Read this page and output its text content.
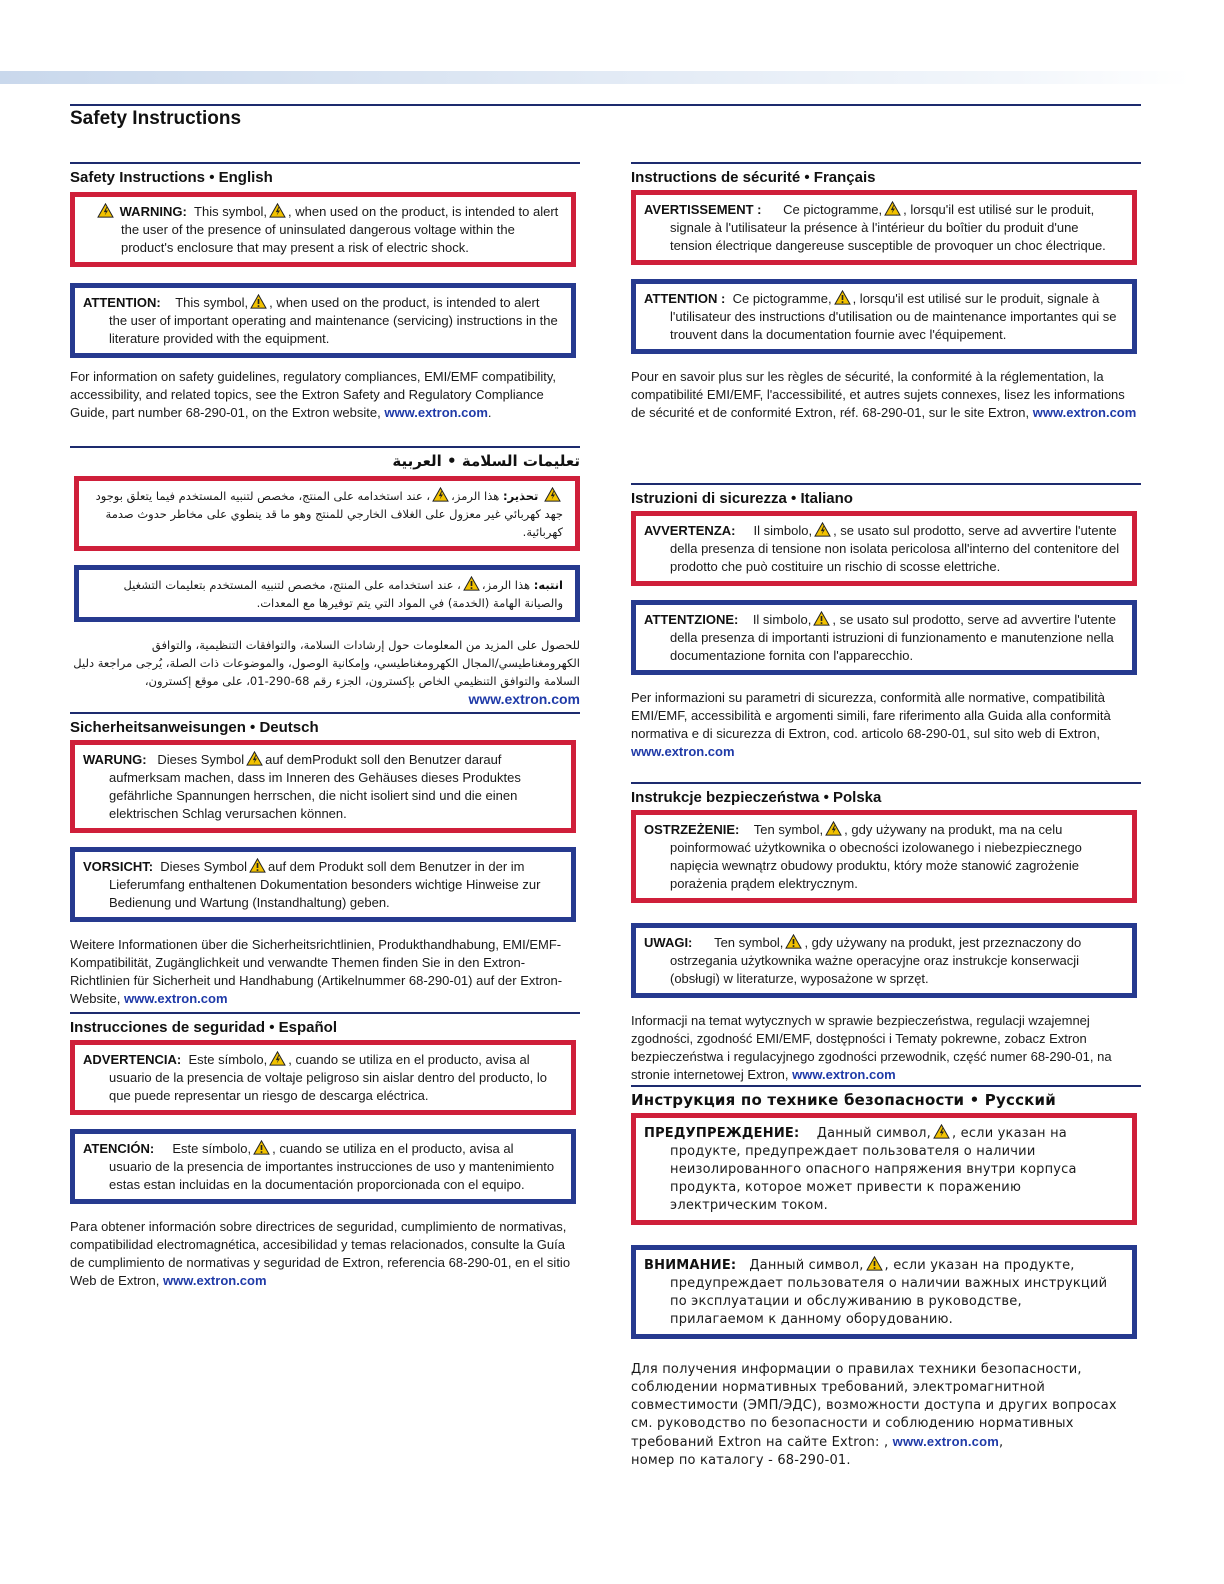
Safety Instructions
Safety Instructions • English
WARNING: This symbol, , when used on the product, is intended to alert the user of the presence of uninsulated dangerous voltage within the product's enclosure that may present a risk of electric shock.
ATTENTION: This symbol, , when used on the product, is intended to alert the user of important operating and maintenance (servicing) instructions in the literature provided with the equipment.
For information on safety guidelines, regulatory compliances, EMI/EMF compatibility, accessibility, and related topics, see the Extron Safety and Regulatory Compliance Guide, part number 68-290-01, on the Extron website, www.extron.com.
تعليمات السلامة • العربية
تحذير: هذا الرمز،، عند استخدامه على المنتج، مخصص لتنبيه المستخدم فيما يتعلق بوجود جهد كهربائي غير معزول على الغلاف الخارجي للمنتج وهو ما قد ينطوي على مخاطر حدوث صدمة كهربائية.
انتبه: هذا الرمز،، عند استخدامه على المنتج، مخصص لتنبيه المستخدم بتعليمات التشغيل والصيانة الهامة (الخدمة) في المواد التي يتم توفيرها مع المعدات.
للحصول على المزيد من المعلومات حول إرشادات السلامة، والتوافقات التنظيمية، والتوافق الكهرومغناطيسي/المجال الكهرومغناطيسي، وإمكانية الوصول، والموضوعات ذات الصلة، يُرجى مراجعة دليل السلامة والتوافق التنظيمي الخاص بإكسترون، الجزء رقم 68-290-01، على موقع إكسترون، www.extron.com
Sicherheitsanweisungen • Deutsch
WARUNG: Dieses Symbol auf demProdukt soll den Benutzer darauf aufmerksam machen, dass im Inneren des Gehäuses dieses Produktes gefährliche Spannungen herrschen, die nicht isoliert sind und die einen elektrischen Schlag verursachen können.
VORSICHT: Dieses Symbol auf dem Produkt soll dem Benutzer in der im Lieferumfang enthaltenen Dokumentation besonders wichtige Hinweise zur Bedienung und Wartung (Instandhaltung) geben.
Weitere Informationen über die Sicherheitsrichtlinien, Produkthandhabung, EMI/EMF-Kompatibilität, Zugänglichkeit und verwandte Themen finden Sie in den Extron-Richtlinien für Sicherheit und Handhabung (Artikelnummer 68-290-01) auf der Extron-Website, www.extron.com
Instrucciones de seguridad • Español
ADVERTENCIA: Este símbolo, , cuando se utiliza en el producto, avisa al usuario de la presencia de voltaje peligroso sin aislar dentro del producto, lo que puede representar un riesgo de descarga eléctrica.
ATENCIÓN: Este símbolo, , cuando se utiliza en el producto, avisa al usuario de la presencia de importantes instrucciones de uso y mantenimiento estas estan incluidas en la documentación proporcionada con el equipo.
Para obtener información sobre directrices de seguridad, cumplimiento de normativas, compatibilidad electromagnética, accesibilidad y temas relacionados, consulte la Guía de cumplimiento de normativas y seguridad de Extron, referencia 68-290-01, en el sitio Web de Extron, www.extron.com
Instructions de sécurité • Français
AVERTISSEMENT : Ce pictogramme, , lorsqu'il est utilisé sur le produit, signale à l'utilisateur la présence à l'intérieur du boîtier du produit d'une tension électrique dangereuse susceptible de provoquer un choc électrique.
ATTENTION : Ce pictogramme, , lorsqu'il est utilisé sur le produit, signale à l'utilisateur des instructions d'utilisation ou de maintenance importantes qui se trouvent dans la documentation fournie avec l'équipement.
Pour en savoir plus sur les règles de sécurité, la conformité à la réglementation, la compatibilité EMI/EMF, l'accessibilité, et autres sujets connexes, lisez les informations de sécurité et de conformité Extron, réf. 68-290-01, sur le site Extron, www.extron.com
Istruzioni di sicurezza • Italiano
AVVERTENZA: Il simbolo, , se usato sul prodotto, serve ad avvertire l'utente della presenza di tensione non isolata pericolosa all'interno del contenitore del prodotto che può costituire un rischio di scosse elettriche.
ATTENTZIONE: Il simbolo, , se usato sul prodotto, serve ad avvertire l'utente della presenza di importanti istruzioni di funzionamento e manutenzione nella documentazione fornita con l'apparecchio.
Per informazioni su parametri di sicurezza, conformità alle normative, compatibilità EMI/EMF, accessibilità e argomenti simili, fare riferimento alla Guida alla conformità normativa e di sicurezza di Extron, cod. articolo 68-290-01, sul sito web di Extron, www.extron.com
Instrukcje bezpieczeństwa • Polska
OSTRZEŻENIE: Ten symbol, , gdy używany na produkt, ma na celu poinformować użytkownika o obecności izolowanego i niebezpiecznego napięcia wewnątrz obudowy produktu, który może stanowić zagrożenie porażenia prądem elektrycznym.
UWAGI: Ten symbol, , gdy używany na produkt, jest przeznaczony do ostrzegania użytkownika ważne operacyjne oraz instrukcje konserwacji (obsługi) w literaturze, wyposażone w sprzęt.
Informacji na temat wytycznych w sprawie bezpieczeństwa, regulacji wzajemnej zgodności, zgodność EMI/EMF, dostępności i Tematy pokrewne, zobacz Extron bezpieczeństwa i regulacyjnego zgodności przewodnik, część numer 68-290-01, na stronie internetowej Extron, www.extron.com
Инструкция по технике безопасности • Русский
ПРЕДУПРЕЖДЕНИЕ: Данный символ, , если указан на продукте, предупреждает пользователя о наличии неизолированного опасного напряжения внутри корпуса продукта, которое может привести к поражению электрическим током.
ВНИМАНИЕ: Данный символ, , если указан на продукте, предупреждает пользователя о наличии важных инструкций по эксплуатации и обслуживанию в руководстве, прилагаемом к данному оборудованию.
Для получения информации о правилах техники безопасности, соблюдении нормативных требований, электромагнитной совместимости (ЭМП/ЭДС), возможности доступа и других вопросах см. руководство по безопасности и соблюдению нормативных требований Extron на сайте Extron: , www.extron.com,
номер по каталогу - 68-290-01.
